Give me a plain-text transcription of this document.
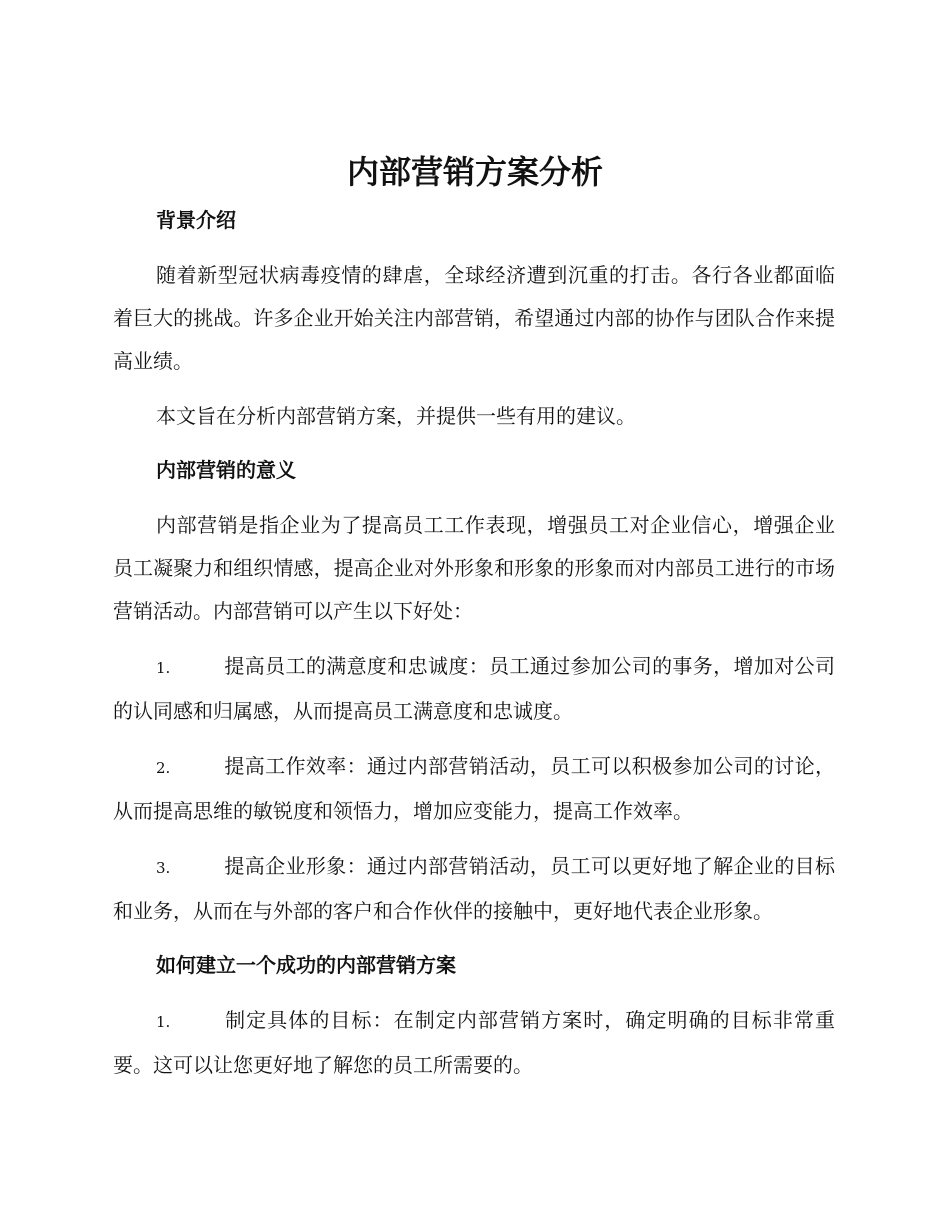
内部营销方案分析
背景介绍

随着新型冠状病毒疫情的肆虐，全球经济遭到沉重的打击。各行各业都面临着巨大的挑战。许多企业开始关注内部营销，希望通过内部的协作与团队合作来提高业绩。

本文旨在分析内部营销方案，并提供一些有用的建议。

内部营销的意义

内部营销是指企业为了提高员工工作表现，增强员工对企业信心，增强企业员工凝聚力和组织情感，提高企业对外形象和形象的形象而对内部员工进行的市场营销活动。内部营销可以产生以下好处：

1.	提高员工的满意度和忠诚度：员工通过参加公司的事务，增加对公司的认同感和归属感，从而提高员工满意度和忠诚度。

2.	提高工作效率：通过内部营销活动，员工可以积极参加公司的讨论，从而提高思维的敏锐度和领悟力，增加应变能力，提高工作效率。

3.	提高企业形象：通过内部营销活动，员工可以更好地了解企业的目标和业务，从而在与外部的客户和合作伙伴的接触中，更好地代表企业形象。

如何建立一个成功的内部营销方案

1.	制定具体的目标：在制定内部营销方案时，确定明确的目标非常重要。这可以让您更好地了解您的员工所需要的。
